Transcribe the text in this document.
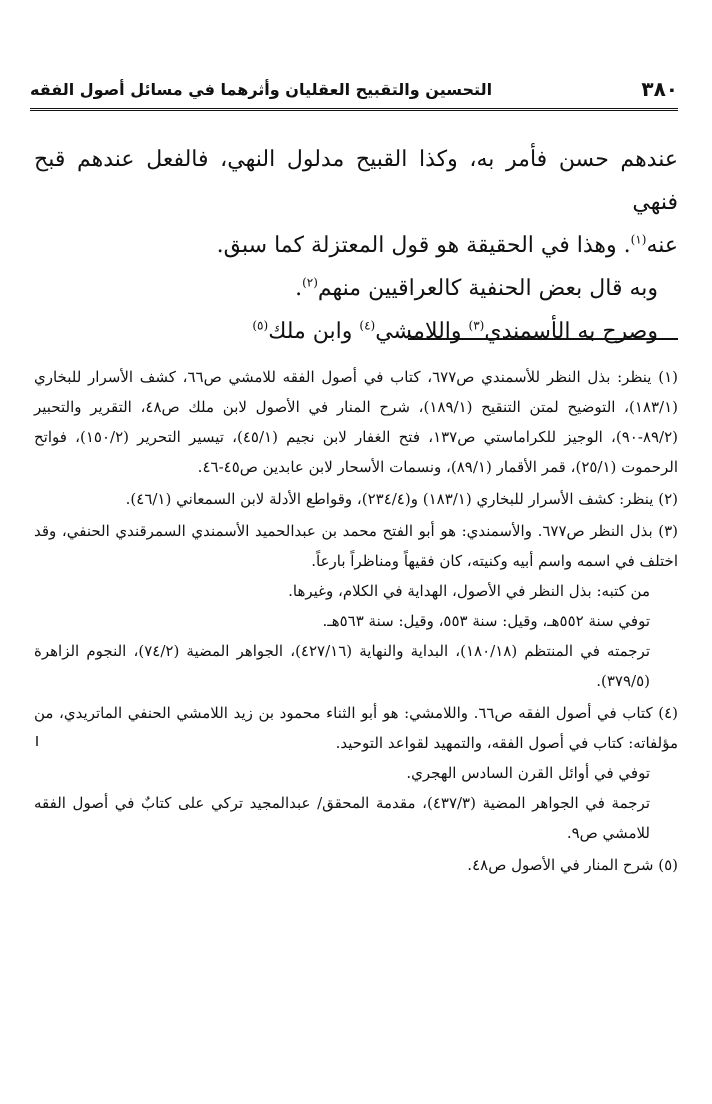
٣٨٠
التحسين والتقبيح العقليان وأثرهما في مسائل أصول الفقه

عندهم حسن فأمر به، وكذا القبيح مدلول النهي، فالفعل عندهم قبح فنهي

عنه$^{(١)}$. وهذا في الحقيقة هو قول المعتزلة كما سبق.

وبه قال بعض الحنفية كالعراقيين منهم$^{(٢)}$.

وصرح به الأسمندي$^{(٣)}$ واللامشي$^{(٤)}$ وابن ملك$^{(٥)}$

(١) ينظر: بذل النظر للأسمندي ص٦٧٧، كتاب في أصول الفقه للامشي ص٦٦، كشف الأسرار للبخاري (١٨٣/١)، التوضيح لمتن التنقيح (١٨٩/١)، شرح المنار في الأصول لابن ملك ص٤٨، التقرير والتحبير (٨٩/٢-٩٠)، الوجيز للكراماستي ص١٣٧، فتح الغفار لابن نجيم (٤٥/١)، تيسير التحرير (١٥٠/٢)، فواتح الرحموت (٢٥/١)، قمر الأقمار (٨٩/١)، ونسمات الأسحار لابن عابدين ص٤٥-٤٦.

(٢) ينظر: كشف الأسرار للبخاري (١٨٣/١) و(٢٣٤/٤)، وقواطع الأدلة لابن السمعاني (٤٦/١).

(٣) بذل النظر ص٦٧٧. والأسمندي: هو أبو الفتح محمد بن عبدالحميد الأسمندي السمرقندي الحنفي، وقد اختلف في اسمه واسم أبيه وكنيته، كان فقيهاً ومناظراً بارعاً.

من كتبه: بذل النظر في الأصول، الهداية في الكلام، وغيرها.

توفي سنة ٥٥٢هـ، وقيل: سنة ٥٥٣، وقيل: سنة ٥٦٣هـ.

ترجمته في المنتظم (١٨٠/١٨)، البداية والنهاية (٤٢٧/١٦)، الجواهر المضية (٧٤/٢)، النجوم الزاهرة (٣٧٩/٥).

(٤) كتاب في أصول الفقه ص٦٦. واللامشي: هو أبو الثناء محمود بن زيد اللامشي الحنفي الماتريدي، من مؤلفاته: كتاب في أصول الفقه، والتمهيد لقواعد التوحيد.

توفي في أوائل القرن السادس الهجري.

ترجمة في الجواهر المضية (٤٣٧/٣)، مقدمة المحقق/ عبدالمجيد تركي على كتابٌ في أصول الفقه للامشي ص٩.

(٥) شرح المنار في الأصول ص٤٨.
